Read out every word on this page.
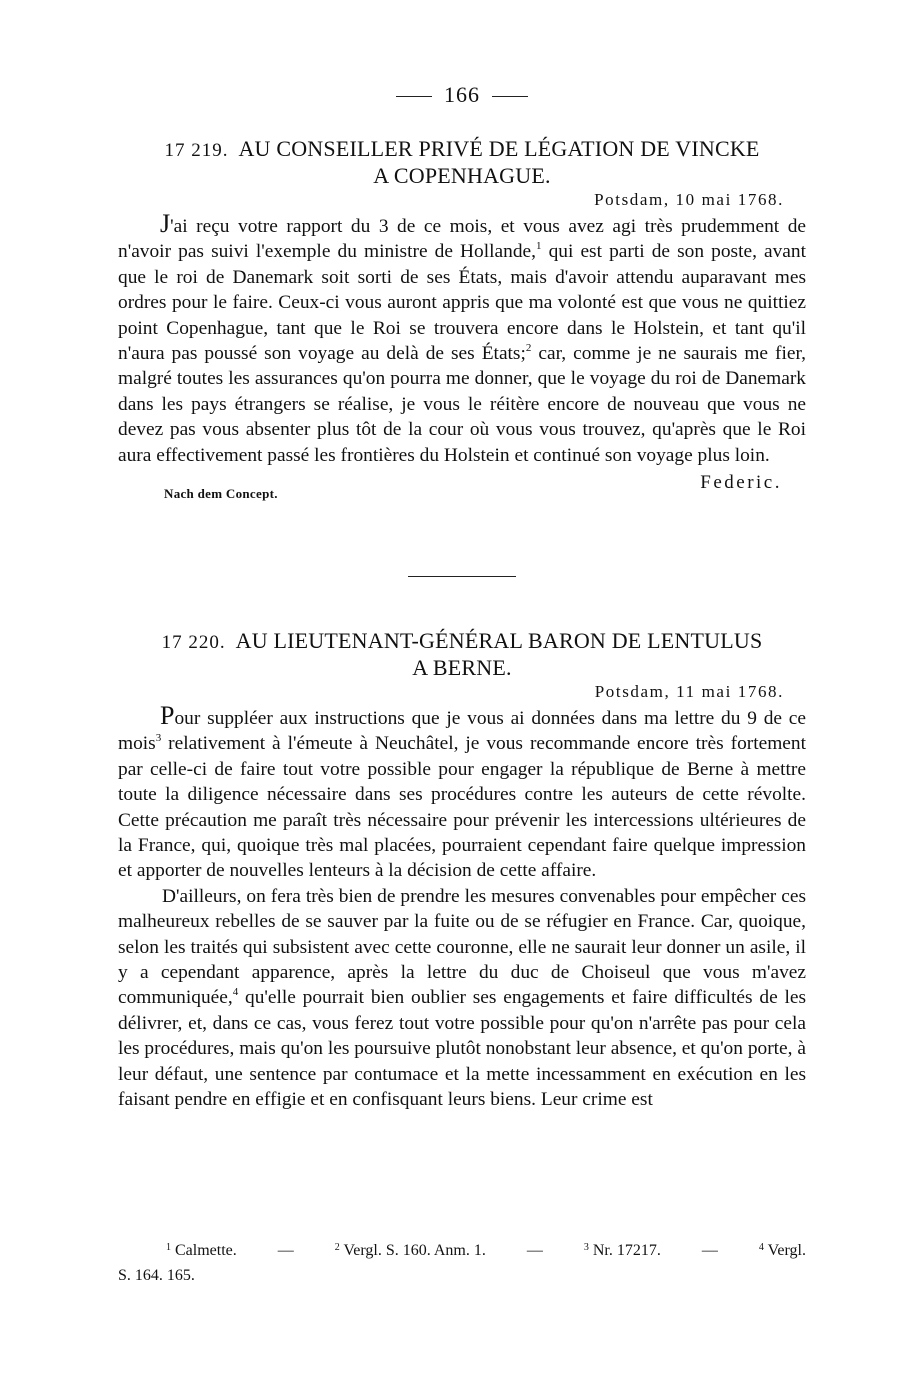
166
17 219. AU CONSEILLER PRIVÉ DE LÉGATION DE VINCKE
A COPENHAGUE.
Potsdam, 10 mai 1768.

J'ai reçu votre rapport du 3 de ce mois, et vous avez agi très prudemment de n'avoir pas suivi l'exemple du ministre de Hollande,$^1$ qui est parti de son poste, avant que le roi de Danemark soit sorti de ses États, mais d'avoir attendu auparavant mes ordres pour le faire. Ceux-ci vous auront appris que ma volonté est que vous ne quittiez point Copenhague, tant que le Roi se trouvera encore dans le Holstein, et tant qu'il n'aura pas poussé son voyage au delà de ses États;$^2$ car, comme je ne saurais me fier, malgré toutes les assurances qu'on pourra me donner, que le voyage du roi de Danemark dans les pays étrangers se réalise, je vous le réitère encore de nouveau que vous ne devez pas vous absenter plus tôt de la cour où vous vous trouvez, qu'après que le Roi aura effectivement passé les frontières du Holstein et continué son voyage plus loin.

Nach dem Concept.
Federic.
17 220. AU LIEUTENANT-GÉNÉRAL BARON DE LENTULUS
A BERNE.
Potsdam, 11 mai 1768.

Pour suppléer aux instructions que je vous ai données dans ma lettre du 9 de ce mois$^3$ relativement à l'émeute à Neuchâtel, je vous recommande encore très fortement par celle-ci de faire tout votre possible pour engager la république de Berne à mettre toute la diligence nécessaire dans ses procédures contre les auteurs de cette révolte. Cette précaution me paraît très nécessaire pour prévenir les intercessions ultérieures de la France, qui, quoique très mal placées, pourraient cependant faire quelque impression et apporter de nouvelles lenteurs à la décision de cette affaire.

D'ailleurs, on fera très bien de prendre les mesures convenables pour empêcher ces malheureux rebelles de se sauver par la fuite ou de se réfugier en France. Car, quoique, selon les traités qui subsistent avec cette couronne, elle ne saurait leur donner un asile, il y a cependant apparence, après la lettre du duc de Choiseul que vous m'avez communiquée,$^4$ qu'elle pourrait bien oublier ses engagements et faire difficultés de les délivrer, et, dans ce cas, vous ferez tout votre possible pour qu'on n'arrête pas pour cela les procédures, mais qu'on les poursuive plutôt nonobstant leur absence, et qu'on porte, à leur défaut, une sentence par contumace et la mette incessamment en exécution en les faisant pendre en effigie et en confisquant leurs biens. Leur crime est

$^1$ Calmette.	—	$^2$ Vergl. S. 160. Anm. 1.	—	$^3$ Nr. 17217.	—	$^4$ Vergl.
S. 164. 165.
